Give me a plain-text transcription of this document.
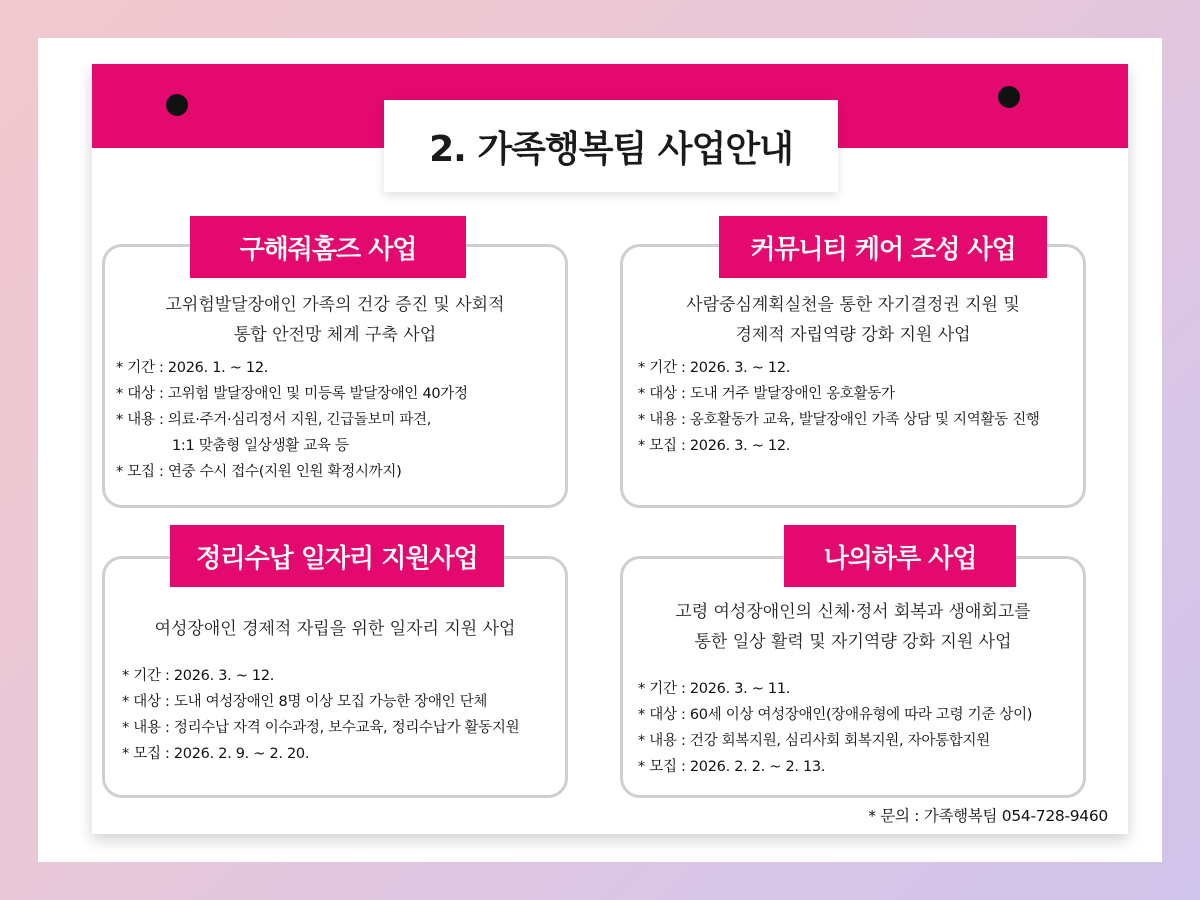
2. 가족행복팀 사업안내
구해줘홈즈 사업
고위험발달장애인 가족의 건강 증진 및 사회적
통합 안전망 체계 구축 사업
* 기간 : 2026. 1. ~ 12.
* 대상 : 고위험 발달장애인 및 미등록 발달장애인 40가정
* 내용 : 의료·주거·심리정서 지원, 긴급돌보미 파견,
1:1 맞춤형 일상생활 교육 등
* 모집 : 연중 수시 접수(지원 인원 확정시까지)
커뮤니티 케어 조성 사업
사람중심계획실천을 통한 자기결정권 지원 및
경제적 자립역량 강화 지원 사업
* 기간 : 2026. 3. ~ 12.
* 대상 : 도내 거주 발달장애인 옹호활동가
* 내용 : 옹호활동가 교육, 발달장애인 가족 상담 및 지역활동 진행
* 모집 : 2026. 3. ~ 12.
정리수납 일자리 지원사업
여성장애인 경제적 자립을 위한 일자리 지원 사업
* 기간 : 2026. 3. ~ 12.
* 대상 : 도내 여성장애인 8명 이상 모집 가능한 장애인 단체
* 내용 : 정리수납 자격 이수과정, 보수교육, 정리수납가 활동지원
* 모집 : 2026. 2. 9. ~ 2. 20.
나의하루 사업
고령 여성장애인의 신체·정서 회복과 생애회고를
통한 일상 활력 및 자기역량 강화 지원 사업
* 기간 : 2026. 3. ~ 11.
* 대상 : 60세 이상 여성장애인(장애유형에 따라 고령 기준 상이)
* 내용 : 건강 회복지원, 심리사회 회복지원, 자아통합지원
* 모집 : 2026. 2. 2. ~ 2. 13.
* 문의 : 가족행복팀 054-728-9460
